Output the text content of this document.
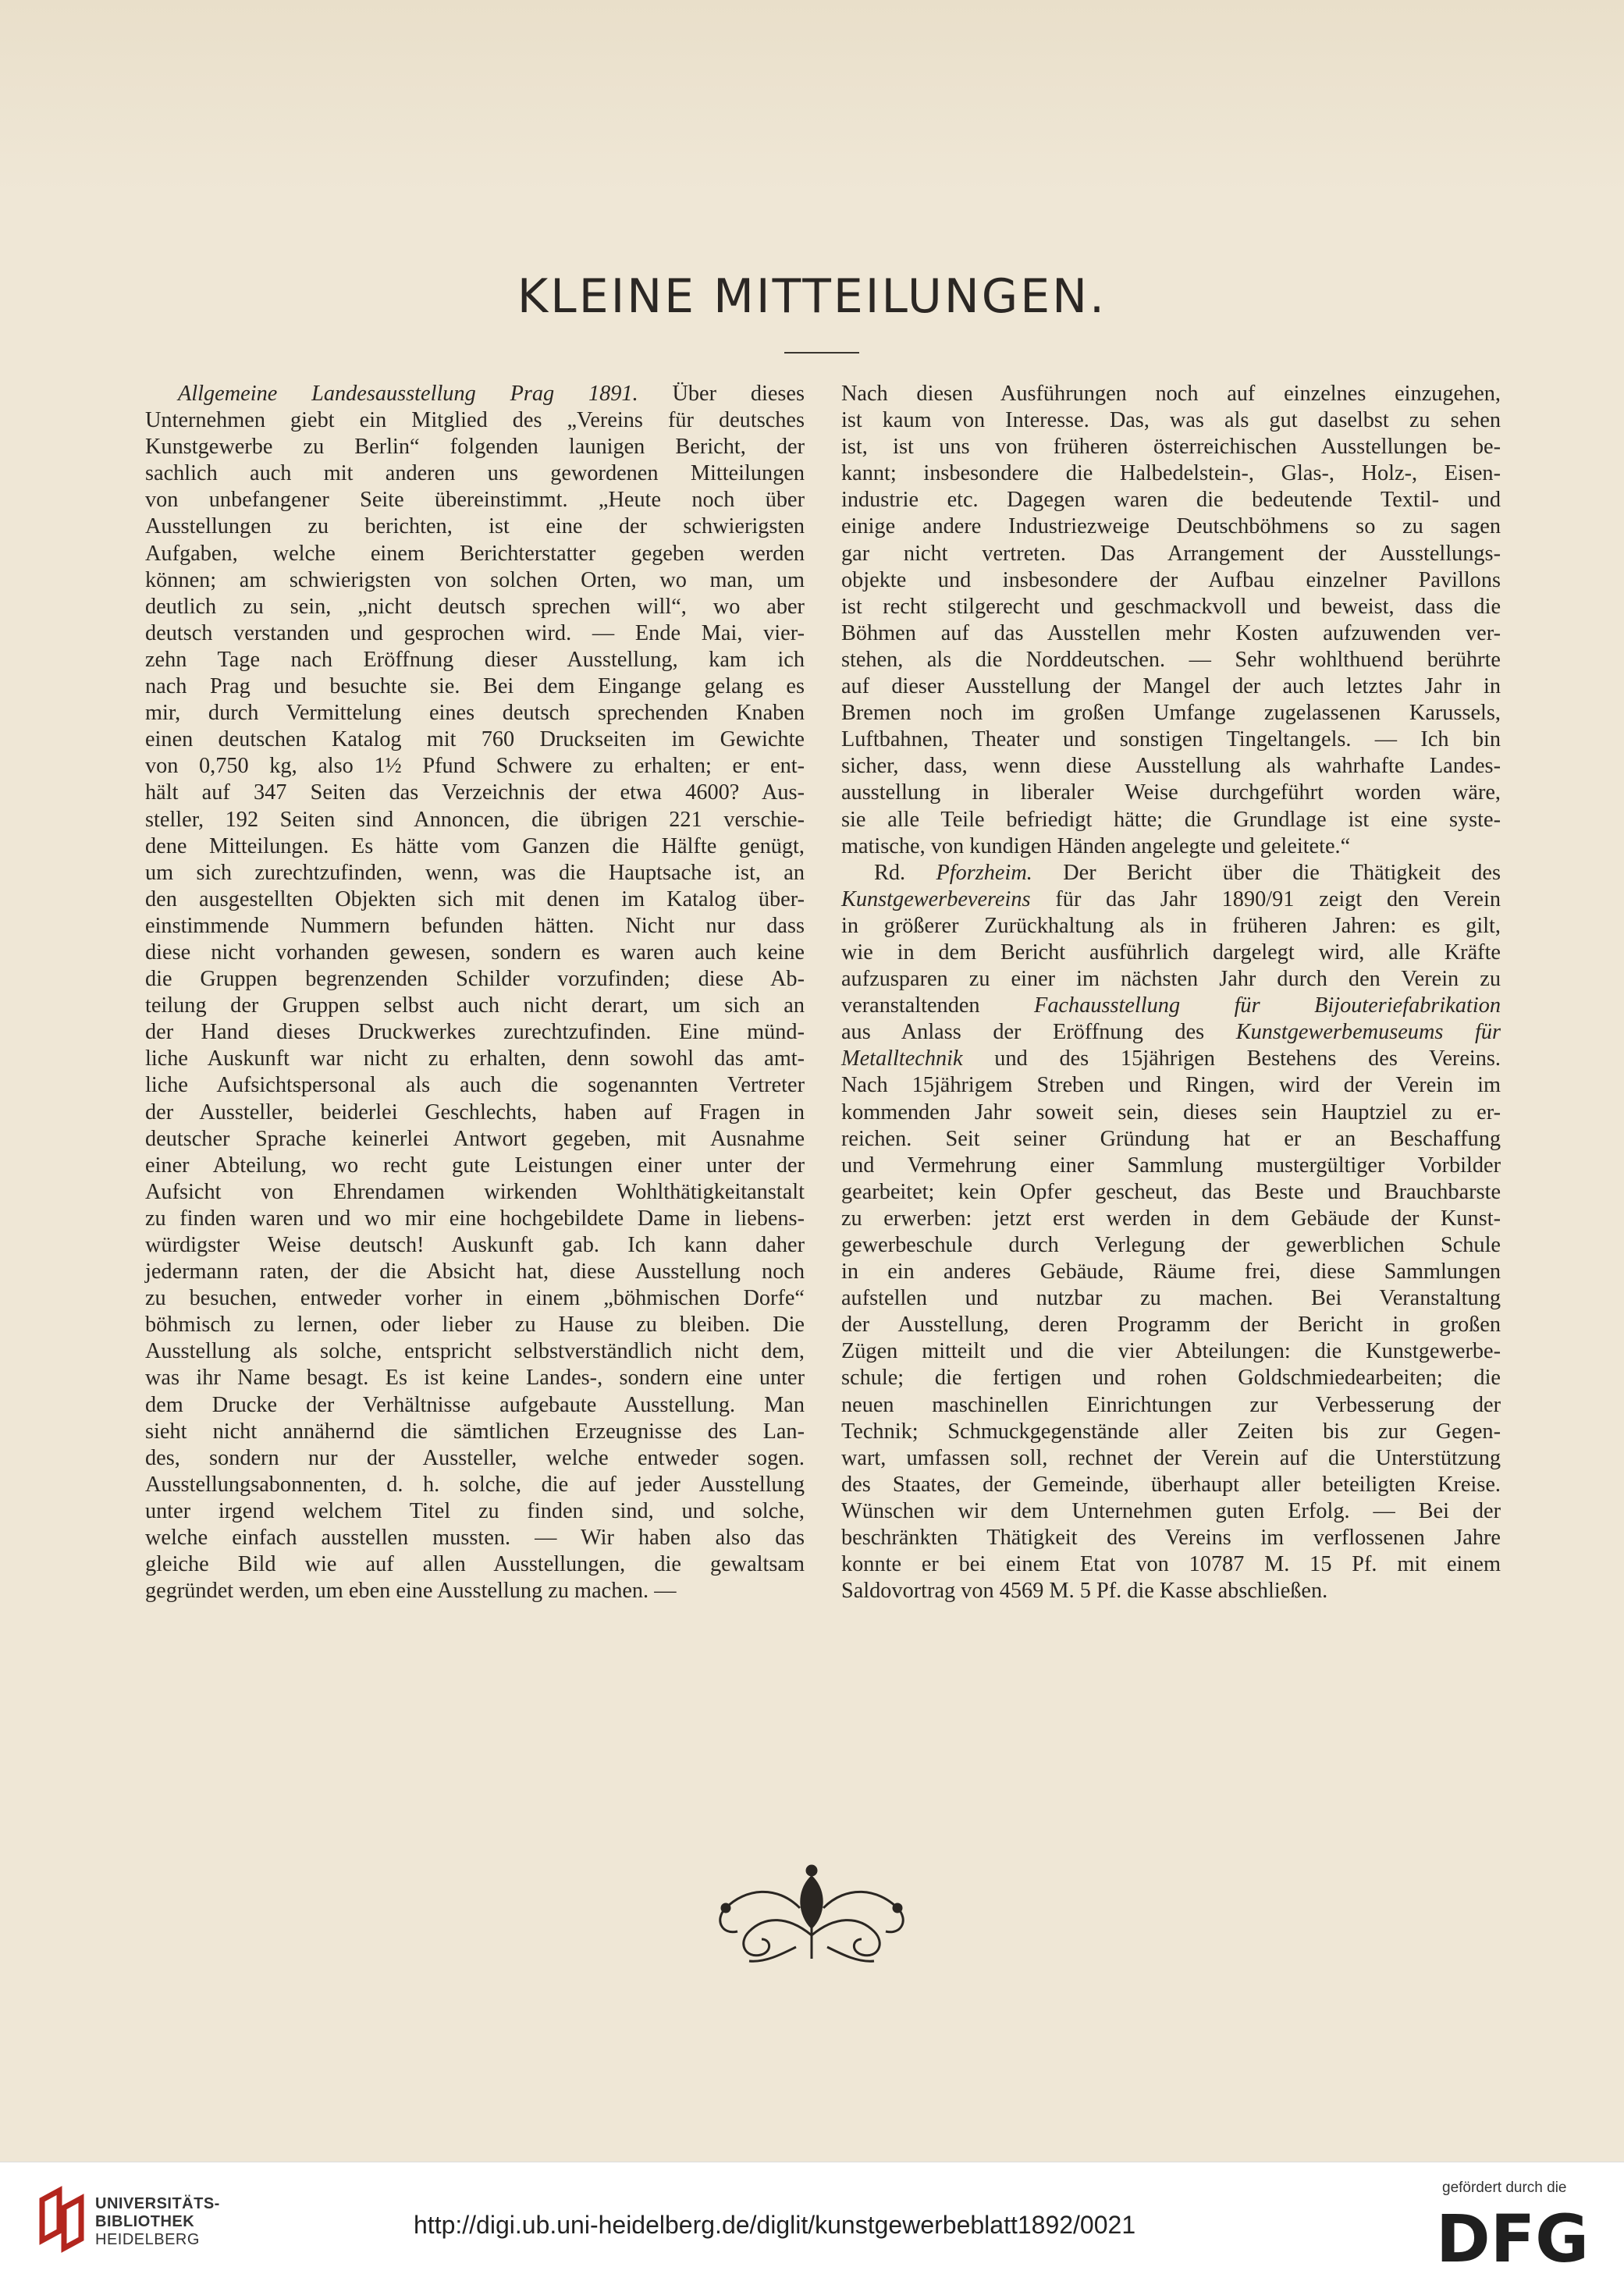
KLEINE MITTEILUNGEN.

Allgemeine Landesausstellung Prag 1891. Über dieses

Unternehmen giebt ein Mitglied des „Vereins für deutsches

Kunstgewerbe zu Berlin“ folgenden launigen Bericht, der

sachlich auch mit anderen uns gewordenen Mitteilungen

von unbefangener Seite übereinstimmt. „Heute noch über

Ausstellungen zu berichten, ist eine der schwierigsten

Aufgaben, welche einem Berichterstatter gegeben werden

können; am schwierigsten von solchen Orten, wo man, um

deutlich zu sein, „nicht deutsch sprechen will“, wo aber

deutsch verstanden und gesprochen wird. — Ende Mai, vier-

zehn Tage nach Eröffnung dieser Ausstellung, kam ich

nach Prag und besuchte sie. Bei dem Eingange gelang es

mir, durch Vermittelung eines deutsch sprechenden Knaben

einen deutschen Katalog mit 760 Druckseiten im Gewichte

von 0,750 kg, also 1½ Pfund Schwere zu erhalten; er ent-

hält auf 347 Seiten das Verzeichnis der etwa 4600? Aus-

steller, 192 Seiten sind Annoncen, die übrigen 221 verschie-

dene Mitteilungen. Es hätte vom Ganzen die Hälfte genügt,

um sich zurechtzufinden, wenn, was die Hauptsache ist, an

den ausgestellten Objekten sich mit denen im Katalog über-

einstimmende Nummern befunden hätten. Nicht nur dass

diese nicht vorhanden gewesen, sondern es waren auch keine

die Gruppen begrenzenden Schilder vorzufinden; diese Ab-

teilung der Gruppen selbst auch nicht derart, um sich an

der Hand dieses Druckwerkes zurechtzufinden. Eine münd-

liche Auskunft war nicht zu erhalten, denn sowohl das amt-

liche Aufsichtspersonal als auch die sogenannten Vertreter

der Aussteller, beiderlei Geschlechts, haben auf Fragen in

deutscher Sprache keinerlei Antwort gegeben, mit Ausnahme

einer Abteilung, wo recht gute Leistungen einer unter der

Aufsicht von Ehrendamen wirkenden Wohlthätigkeitanstalt

zu finden waren und wo mir eine hochgebildete Dame in liebens-

würdigster Weise deutsch! Auskunft gab. Ich kann daher

jedermann raten, der die Absicht hat, diese Ausstellung noch

zu besuchen, entweder vorher in einem „böhmischen Dorfe“

böhmisch zu lernen, oder lieber zu Hause zu bleiben. Die

Ausstellung als solche, entspricht selbstverständlich nicht dem,

was ihr Name besagt. Es ist keine Landes-, sondern eine unter

dem Drucke der Verhältnisse aufgebaute Ausstellung. Man

sieht nicht annähernd die sämtlichen Erzeugnisse des Lan-

des, sondern nur der Aussteller, welche entweder sogen.

Ausstellungsabonnenten, d. h. solche, die auf jeder Ausstellung

unter irgend welchem Titel zu finden sind, und solche,

welche einfach ausstellen mussten. — Wir haben also das

gleiche Bild wie auf allen Ausstellungen, die gewaltsam

gegründet werden, um eben eine Ausstellung zu machen. —

Nach diesen Ausführungen noch auf einzelnes einzugehen,

ist kaum von Interesse. Das, was als gut daselbst zu sehen

ist, ist uns von früheren österreichischen Ausstellungen be-

kannt; insbesondere die Halbedelstein-, Glas-, Holz-, Eisen-

industrie etc. Dagegen waren die bedeutende Textil- und

einige andere Industriezweige Deutschböhmens so zu sagen

gar nicht vertreten. Das Arrangement der Ausstellungs-

objekte und insbesondere der Aufbau einzelner Pavillons

ist recht stilgerecht und geschmackvoll und beweist, dass die

Böhmen auf das Ausstellen mehr Kosten aufzuwenden ver-

stehen, als die Norddeutschen. — Sehr wohlthuend berührte

auf dieser Ausstellung der Mangel der auch letztes Jahr in

Bremen noch im großen Umfange zugelassenen Karussels,

Luftbahnen, Theater und sonstigen Tingeltangels. — Ich bin

sicher, dass, wenn diese Ausstellung als wahrhafte Landes-

ausstellung in liberaler Weise durchgeführt worden wäre,

sie alle Teile befriedigt hätte; die Grundlage ist eine syste-

matische, von kundigen Händen angelegte und geleitete.“

Rd. Pforzheim. Der Bericht über die Thätigkeit des

Kunstgewerbevereins für das Jahr 1890/91 zeigt den Verein

in größerer Zurückhaltung als in früheren Jahren: es gilt,

wie in dem Bericht ausführlich dargelegt wird, alle Kräfte

aufzusparen zu einer im nächsten Jahr durch den Verein zu

veranstaltenden Fachausstellung für Bijouteriefabrikation

aus Anlass der Eröffnung des Kunstgewerbemuseums für

Metalltechnik und des 15jährigen Bestehens des Vereins.

Nach 15jährigem Streben und Ringen, wird der Verein im

kommenden Jahr soweit sein, dieses sein Hauptziel zu er-

reichen. Seit seiner Gründung hat er an Beschaffung

und Vermehrung einer Sammlung mustergültiger Vorbilder

gearbeitet; kein Opfer gescheut, das Beste und Brauchbarste

zu erwerben: jetzt erst werden in dem Gebäude der Kunst-

gewerbeschule durch Verlegung der gewerblichen Schule

in ein anderes Gebäude, Räume frei, diese Sammlungen

aufstellen und nutzbar zu machen. Bei Veranstaltung

der Ausstellung, deren Programm der Bericht in großen

Zügen mitteilt und die vier Abteilungen: die Kunstgewerbe-

schule; die fertigen und rohen Goldschmiedearbeiten; die

neuen maschinellen Einrichtungen zur Verbesserung der

Technik; Schmuckgegenstände aller Zeiten bis zur Gegen-

wart, umfassen soll, rechnet der Verein auf die Unterstützung

des Staates, der Gemeinde, überhaupt aller beteiligten Kreise.

Wünschen wir dem Unternehmen guten Erfolg. — Bei der

beschränkten Thätigkeit des Vereins im verflossenen Jahre

konnte er bei einem Etat von 10787 M. 15 Pf. mit einem

Saldovortrag von 4569 M. 5 Pf. die Kasse abschließen.

UNIVERSITÄTS-
BIBLIOTHEK
HEIDELBERG
http://digi.ub.uni-heidelberg.de/diglit/kunstgewerbeblatt1892/0021
gefördert durch die
DFG
